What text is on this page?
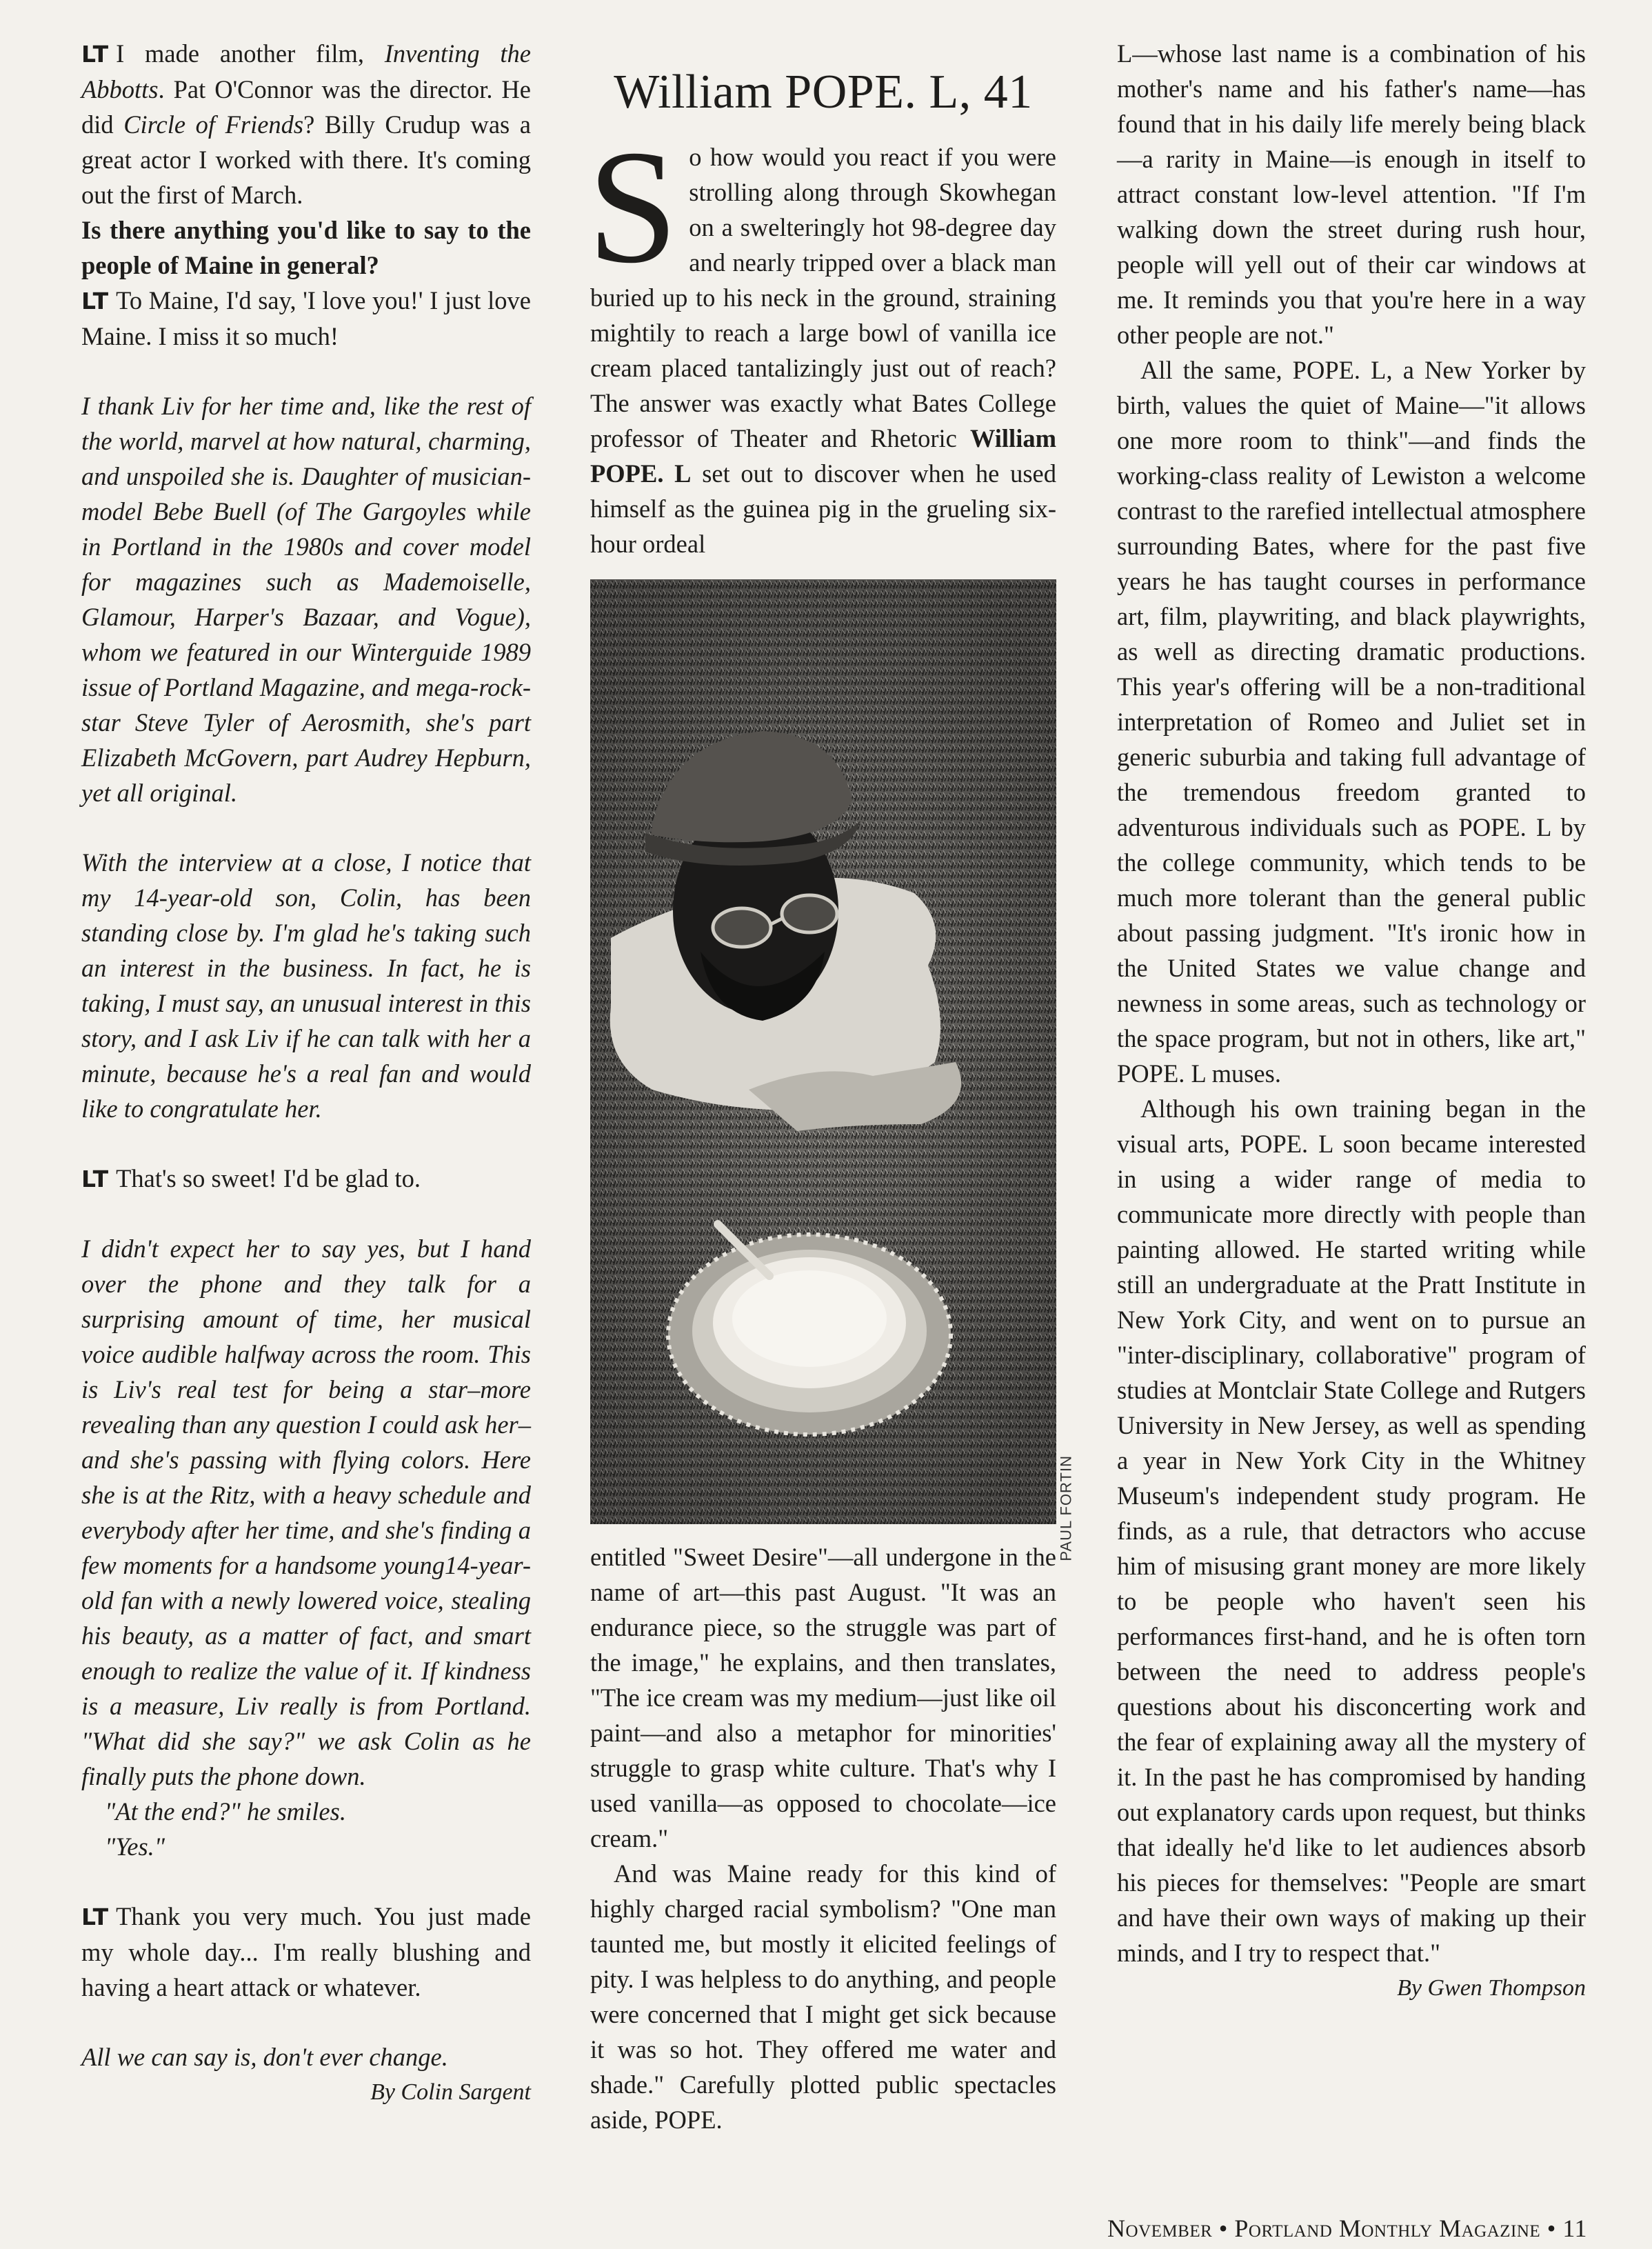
LT I made another film, Inventing the Abbotts. Pat O'Connor was the director. He did Circle of Friends? Billy Crudup was a great actor I worked with there. It's coming out the first of March.

Is there anything you'd like to say to the people of Maine in general?

LT To Maine, I'd say, 'I love you!' I just love Maine. I miss it so much!

I thank Liv for her time and, like the rest of the world, marvel at how natural, charming, and unspoiled she is. Daughter of musician-model Bebe Buell (of The Gargoyles while in Portland in the 1980s and cover model for magazines such as Mademoiselle, Glamour, Harper's Bazaar, and Vogue), whom we featured in our Winterguide 1989 issue of Portland Magazine, and mega-rock-star Steve Tyler of Aerosmith, she's part Elizabeth McGovern, part Audrey Hepburn, yet all original.

With the interview at a close, I notice that my 14-year-old son, Colin, has been standing close by. I'm glad he's taking such an interest in the business. In fact, he is taking, I must say, an unusual interest in this story, and I ask Liv if he can talk with her a minute, because he's a real fan and would like to congratulate her.

LT That's so sweet! I'd be glad to.

I didn't expect her to say yes, but I hand over the phone and they talk for a surprising amount of time, her musical voice audible halfway across the room. This is Liv's real test for being a star–more revealing than any question I could ask her–and she's passing with flying colors. Here she is at the Ritz, with a heavy schedule and everybody after her time, and she's finding a few moments for a handsome young14-year-old fan with a newly lowered voice, stealing his beauty, as a matter of fact, and smart enough to realize the value of it. If kindness is a measure, Liv really is from Portland. "What did she say?" we ask Colin as he finally puts the phone down.

"At the end?" he smiles.

"Yes."

LT Thank you very much. You just made my whole day... I'm really blushing and having a heart attack or whatever.

All we can say is, don't ever change.

By Colin Sargent

William POPE. L, 41

So how would you react if you were strolling along through Skowhegan on a swelteringly hot 98-degree day and nearly tripped over a black man buried up to his neck in the ground, straining mightily to reach a large bowl of vanilla ice cream placed tantalizingly just out of reach? The answer was exactly what Bates College professor of Theater and Rhetoric William POPE. L set out to discover when he used himself as the guinea pig in the grueling six-hour ordeal

PAUL FORTIN

entitled "Sweet Desire"—all undergone in the name of art—this past August. "It was an endurance piece, so the struggle was part of the image," he explains, and then translates, "The ice cream was my medium—just like oil paint—and also a metaphor for minorities' struggle to grasp white culture. That's why I used vanilla—as opposed to chocolate—ice cream."

And was Maine ready for this kind of highly charged racial symbolism? "One man taunted me, but mostly it elicited feelings of pity. I was helpless to do anything, and people were concerned that I might get sick because it was so hot. They offered me water and shade." Carefully plotted public spectacles aside, POPE.

L—whose last name is a combination of his mother's name and his father's name—has found that in his daily life merely being black—a rarity in Maine—is enough in itself to attract constant low-level attention. "If I'm walking down the street during rush hour, people will yell out of their car windows at me. It reminds you that you're here in a way other people are not."

All the same, POPE. L, a New Yorker by birth, values the quiet of Maine—"it allows one more room to think"—and finds the working-class reality of Lewiston a welcome contrast to the rarefied intellectual atmosphere surrounding Bates, where for the past five years he has taught courses in performance art, film, playwriting, and black playwrights, as well as directing dramatic productions. This year's offering will be a non-traditional interpretation of Romeo and Juliet set in generic suburbia and taking full advantage of the tremendous freedom granted to adventurous individuals such as POPE. L by the college community, which tends to be much more tolerant than the general public about passing judgment. "It's ironic how in the United States we value change and newness in some areas, such as technology or the space program, but not in others, like art," POPE. L muses.

Although his own training began in the visual arts, POPE. L soon became interested in using a wider range of media to communicate more directly with people than painting allowed. He started writing while still an undergraduate at the Pratt Institute in New York City, and went on to pursue an "inter-disciplinary, collaborative" program of studies at Montclair State College and Rutgers University in New Jersey, as well as spending a year in New York City in the Whitney Museum's independent study program. He finds, as a rule, that detractors who accuse him of misusing grant money are more likely to be people who haven't seen his performances first-hand, and he is often torn between the need to address people's questions about his disconcerting work and the fear of explaining away all the mystery of it. In the past he has compromised by handing out explanatory cards upon request, but thinks that ideally he'd like to let audiences absorb his pieces for themselves: "People are smart and have their own ways of making up their minds, and I try to respect that."

By Gwen Thompson

November • Portland Monthly Magazine • 11
